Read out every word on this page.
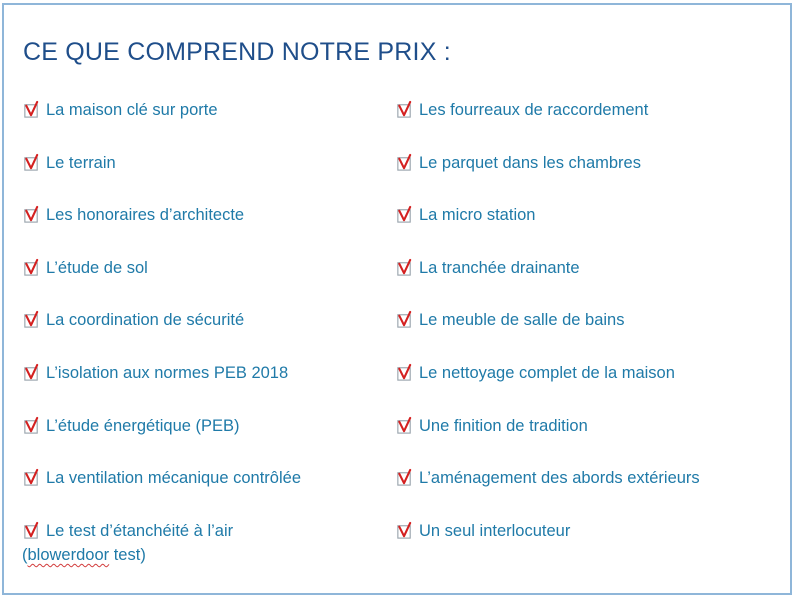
CE QUE COMPREND NOTRE PRIX :
La maison clé sur porte
Le terrain
Les honoraires d’architecte
L’étude de sol
La coordination de sécurité
L’isolation aux normes PEB 2018
L’étude énergétique (PEB)
La ventilation mécanique contrôlée
Le test d’étanchéité à l’air
(blowerdoor test)
Les fourreaux de raccordement
Le parquet dans les chambres
La micro station
La tranchée drainante
Le meuble de salle de bains
Le nettoyage complet de la maison
Une finition de tradition
L’aménagement des abords extérieurs
Un seul interlocuteur
